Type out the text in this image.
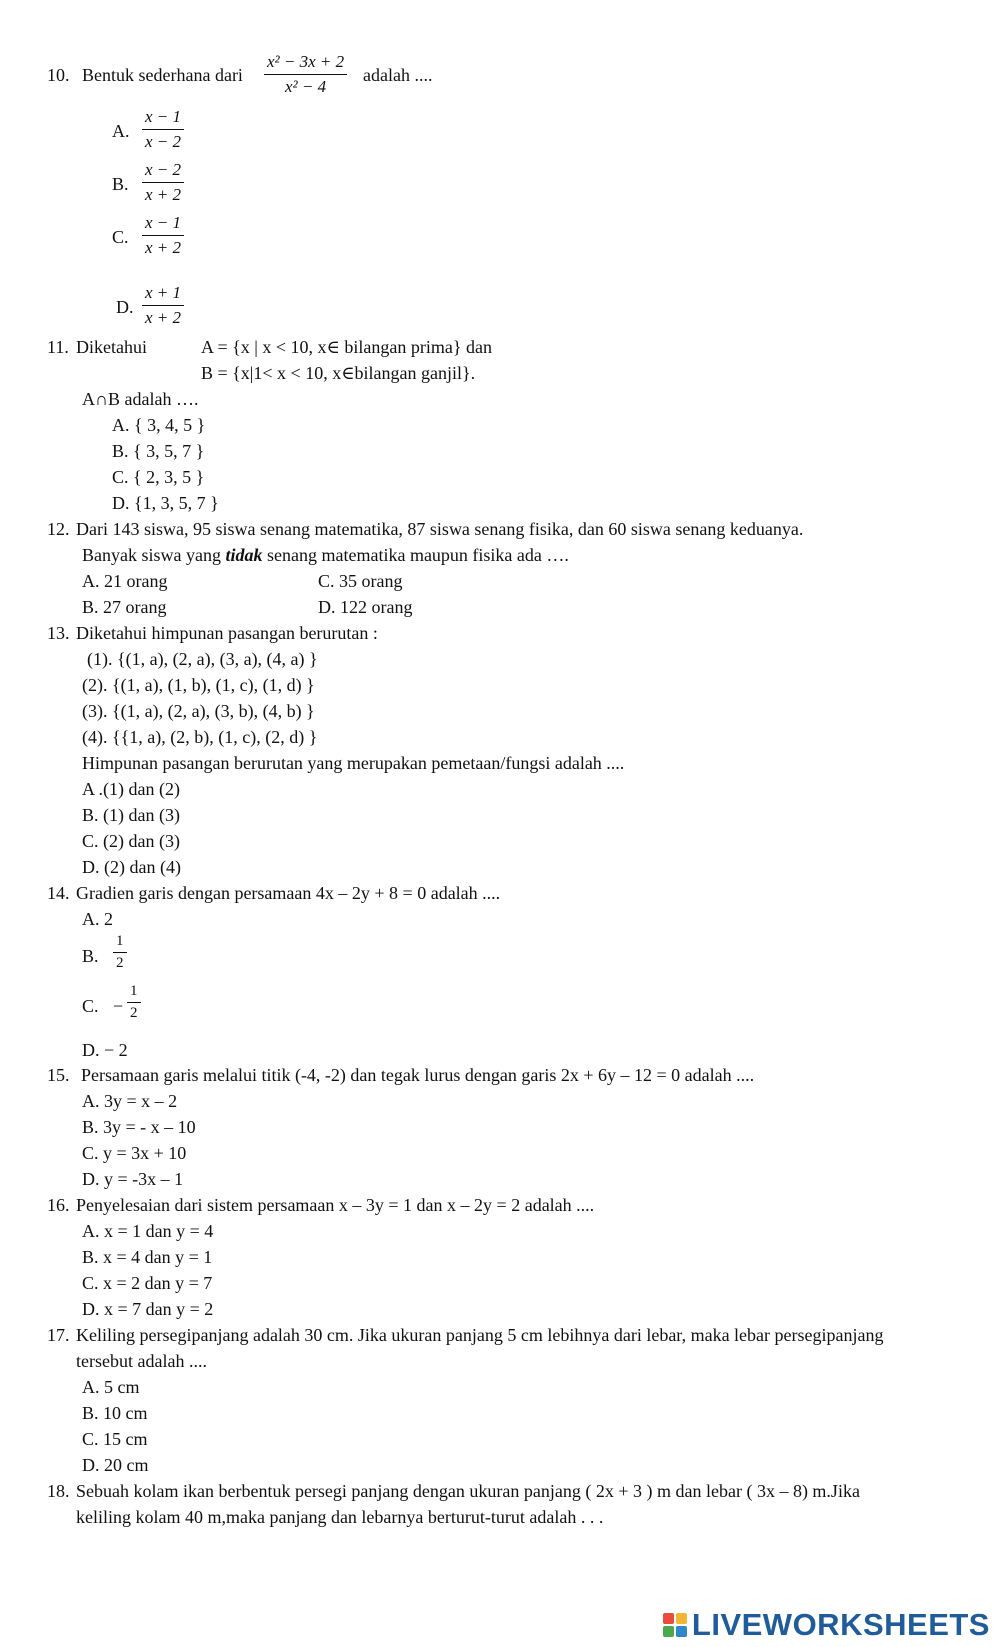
10. Bentuk sederhana dari $\frac{\text{x² − 3x + 2}}{\text{x² − 4}}$ adalah ....
A. $\frac{x - 1}{x - 2}$
B. $\frac{x - 2}{x + 2}$
C. $\frac{x - 1}{x + 2}$
D. $\frac{x + 1}{x + 2}$
11. Diketahui	A = {x | x < 10, x∈ bilangan prima} dan
B = {x|1< x < 10, x∈bilangan ganjil}.
A∩B adalah ….
A. { 3, 4, 5 }
B. { 3, 5, 7 }
C. { 2, 3, 5 }
D. {1, 3, 5, 7 }
12. Dari 143 siswa, 95 siswa senang matematika, 87 siswa senang fisika, dan 60 siswa senang keduanya.
Banyak siswa yang tidak senang matematika maupun fisika ada ….
A. 21 orang	C. 35 orang
B. 27 orang	D. 122 orang
13. Diketahui himpunan pasangan berurutan :
(1). {(1, a), (2, a), (3, a), (4, a) }
(2). {(1, a), (1, b), (1, c), (1, d) }
(3). {(1, a), (2, a), (3, b), (4, b) }
(4). {{1, a), (2, b), (1, c), (2, d) }
Himpunan pasangan berurutan yang merupakan pemetaan/fungsi adalah ....
A .(1) dan (2)
B. (1) dan (3)
C. (2) dan (3)
D. (2) dan (4)
14. Gradien garis dengan persamaan 4x – 2y + 8 = 0 adalah ....
A. 2
B. $\frac{1}{2}$
C. − $\frac{1}{2}$
D. − 2
15. Persamaan garis melalui titik (-4, -2) dan tegak lurus dengan garis 2x + 6y – 12 = 0 adalah ....
A. 3y = x – 2
B. 3y = - x – 10
C. y = 3x + 10
D. y = -3x – 1
16. Penyelesaian dari sistem persamaan x – 3y = 1 dan x – 2y = 2 adalah ....
A. x = 1 dan y = 4
B. x = 4 dan y = 1
C. x = 2 dan y = 7
D. x = 7 dan y = 2
17. Keliling persegipanjang adalah 30 cm. Jika ukuran panjang 5 cm lebihnya dari lebar, maka lebar persegipanjang
tersebut adalah ....
A. 5 cm
B. 10 cm
C. 15 cm
D. 20 cm
18. Sebuah kolam ikan berbentuk persegi panjang dengan ukuran panjang ( 2x + 3 ) m dan lebar ( 3x – 8) m.Jika
keliling kolam 40 m,maka panjang dan lebarnya berturut-turut adalah . . .
LIVEWORKSHEETS
